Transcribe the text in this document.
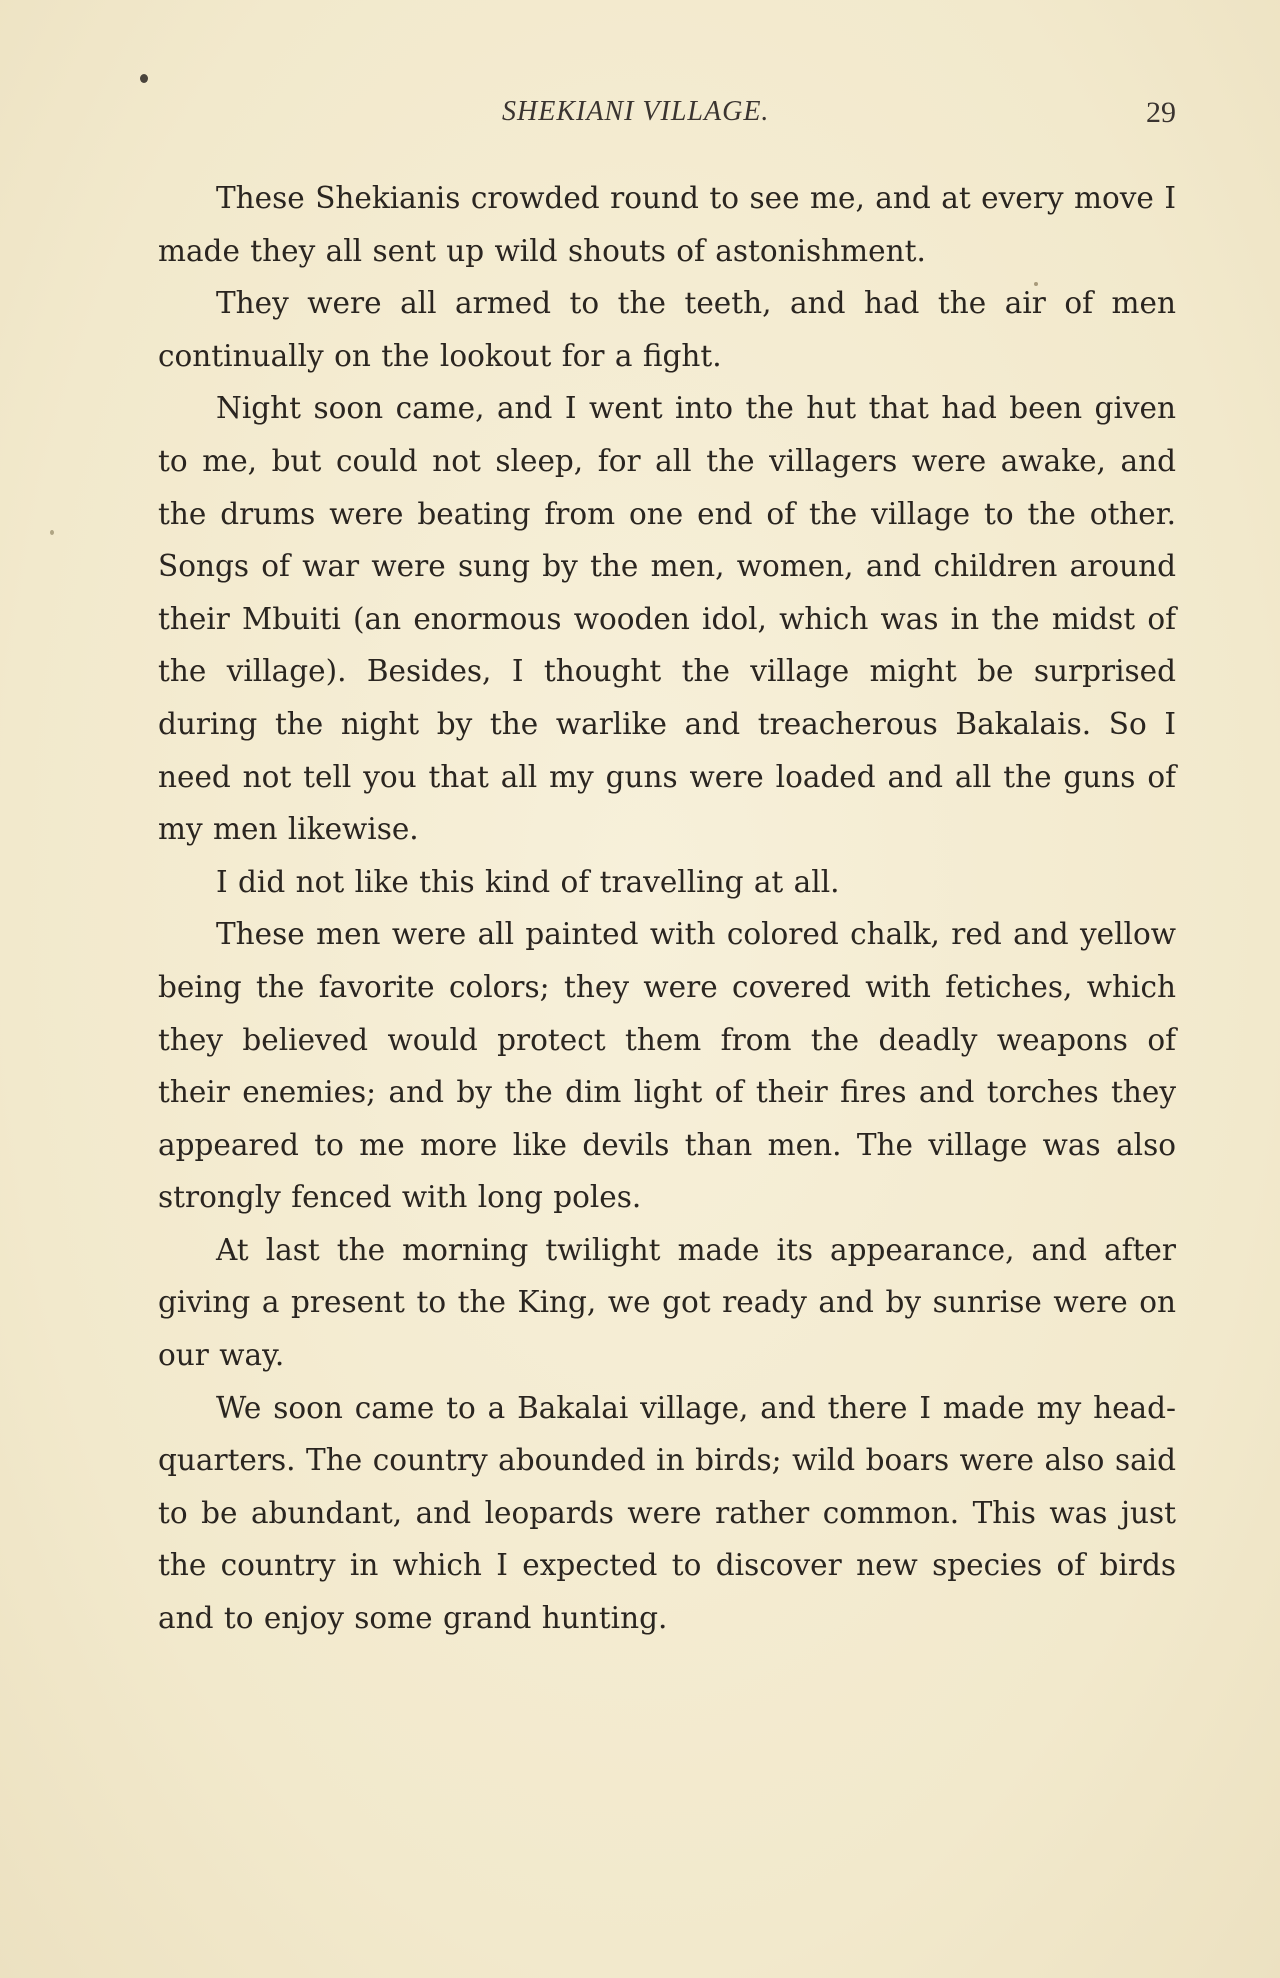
SHEKIANI VILLAGE.	29

These Shekianis crowded round to see me, and at every move I made they all sent up wild shouts of astonishment.

They were all armed to the teeth, and had the air of men continually on the lookout for a fight.

Night soon came, and I went into the hut that had been given to me, but could not sleep, for all the villagers were awake, and the drums were beating from one end of the village to the other. Songs of war were sung by the men, women, and children around their Mbuiti (an enormous wooden idol, which was in the midst of the village). Besides, I thought the village might be surprised during the night by the warlike and treacherous Bakalais. So I need not tell you that all my guns were loaded and all the guns of my men likewise.

I did not like this kind of travelling at all.

These men were all painted with colored chalk, red and yellow being the favorite colors; they were covered with fetiches, which they believed would protect them from the deadly weapons of their enemies; and by the dim light of their fires and torches they appeared to me more like devils than men. The village was also strongly fenced with long poles.

At last the morning twilight made its appearance, and after giving a present to the King, we got ready and by sunrise were on our way.

We soon came to a Bakalai village, and there I made my head-quarters. The country abounded in birds; wild boars were also said to be abundant, and leopards were rather common. This was just the country in which I expected to discover new species of birds and to enjoy some grand hunting.
